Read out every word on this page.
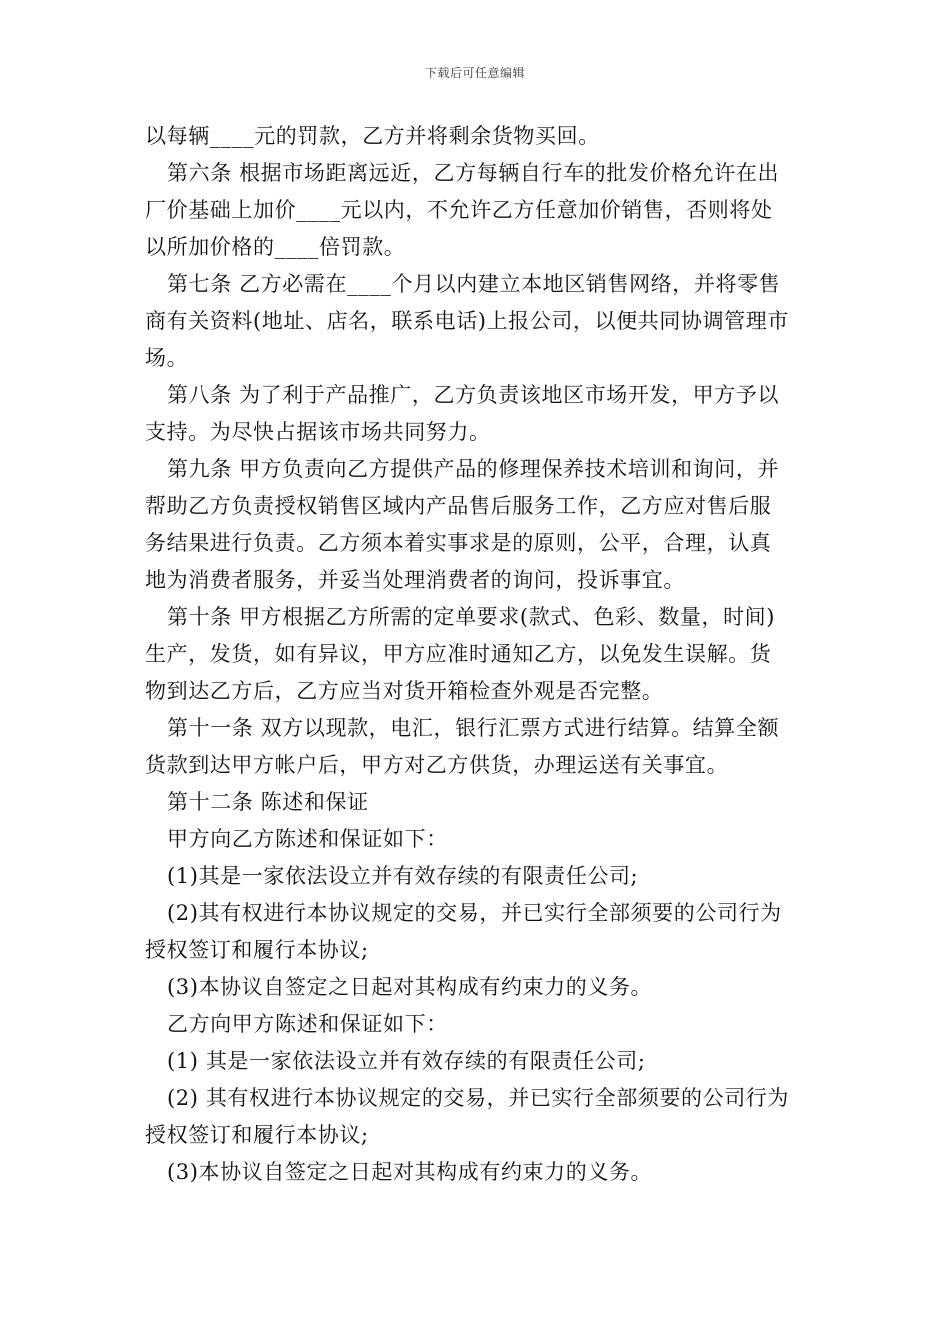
下载后可任意编辑
以每辆____元的罚款，乙方并将剩余货物买回。
第六条 根据市场距离远近，乙方每辆自行车的批发价格允许在出
厂价基础上加价____元以内，不允许乙方任意加价销售，否则将处
以所加价格的____倍罚款。
第七条 乙方必需在____个月以内建立本地区销售网络，并将零售
商有关资料(地址、店名，联系电话)上报公司，以便共同协调管理市
场。
第八条 为了利于产品推广，乙方负责该地区市场开发，甲方予以
支持。为尽快占据该市场共同努力。
第九条 甲方负责向乙方提供产品的修理保养技术培训和询问，并
帮助乙方负责授权销售区域内产品售后服务工作，乙方应对售后服
务结果进行负责。乙方须本着实事求是的原则，公平，合理，认真
地为消费者服务，并妥当处理消费者的询问，投诉事宜。
第十条 甲方根据乙方所需的定单要求(款式、色彩、数量，时间)
生产，发货，如有异议，甲方应准时通知乙方，以免发生误解。货
物到达乙方后，乙方应当对货开箱检查外观是否完整。
第十一条 双方以现款，电汇，银行汇票方式进行结算。结算全额
货款到达甲方帐户后，甲方对乙方供货，办理运送有关事宜。
第十二条 陈述和保证
甲方向乙方陈述和保证如下：
(1)其是一家依法设立并有效存续的有限责任公司;
(2)其有权进行本协议规定的交易，并已实行全部须要的公司行为
授权签订和履行本协议;
(3)本协议自签定之日起对其构成有约束力的义务。
乙方向甲方陈述和保证如下：
(1) 其是一家依法设立并有效存续的有限责任公司;
(2) 其有权进行本协议规定的交易，并已实行全部须要的公司行为
授权签订和履行本协议;
(3)本协议自签定之日起对其构成有约束力的义务。
